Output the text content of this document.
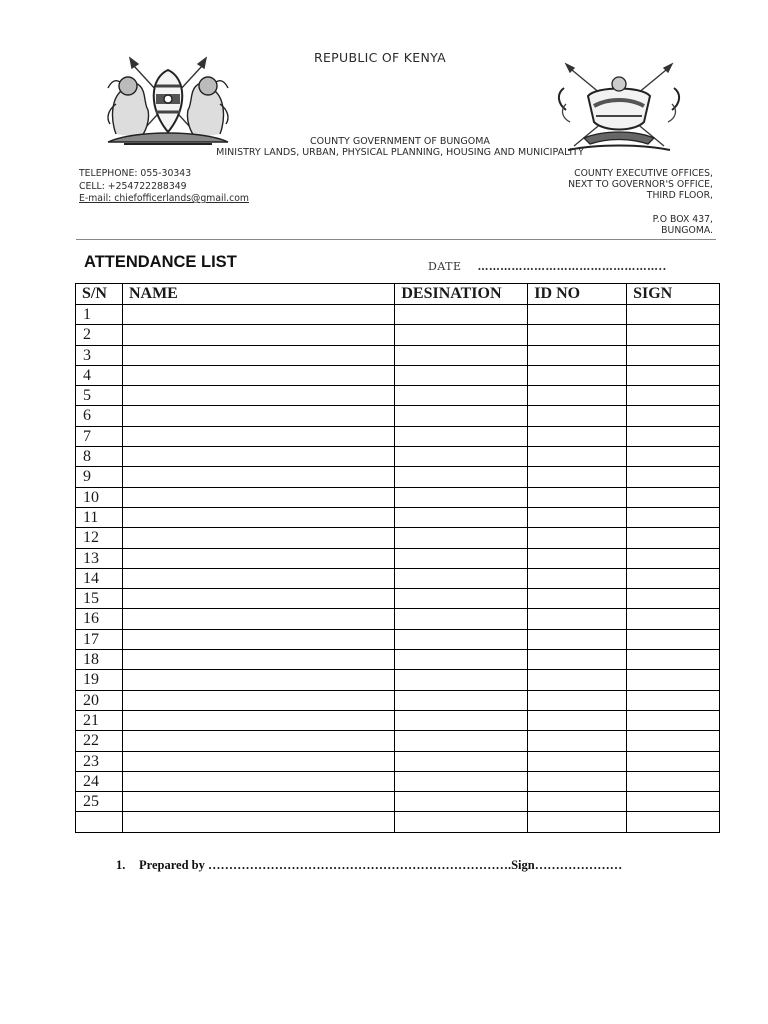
REPUBLIC OF KENYA
COUNTY GOVERNMENT OF BUNGOMA
MINISTRY LANDS, URBAN, PHYSICAL PLANNING, HOUSING AND MUNICIPALITY
TELEPHONE: 055-30343
CELL: +254722288349
E-mail: chiefofficerlands@gmail.com
COUNTY EXECUTIVE OFFICES,
NEXT TO GOVERNOR'S OFFICE,
THIRD FLOOR,
P.O BOX 437,
BUNGOMA.
ATTENDANCE LIST	DATE …………………………………………..
S/N	NAME	DESINATION	ID NO	SIGN
1				
2				
3				
4				
5				
6				
7				
8				
9				
10				
11				
12				
13				
14				
15				
16				
17				
18				
19				
20				
21				
22				
23				
24				
25				

1. Prepared by ……………………………………………………………….Sign…………………
